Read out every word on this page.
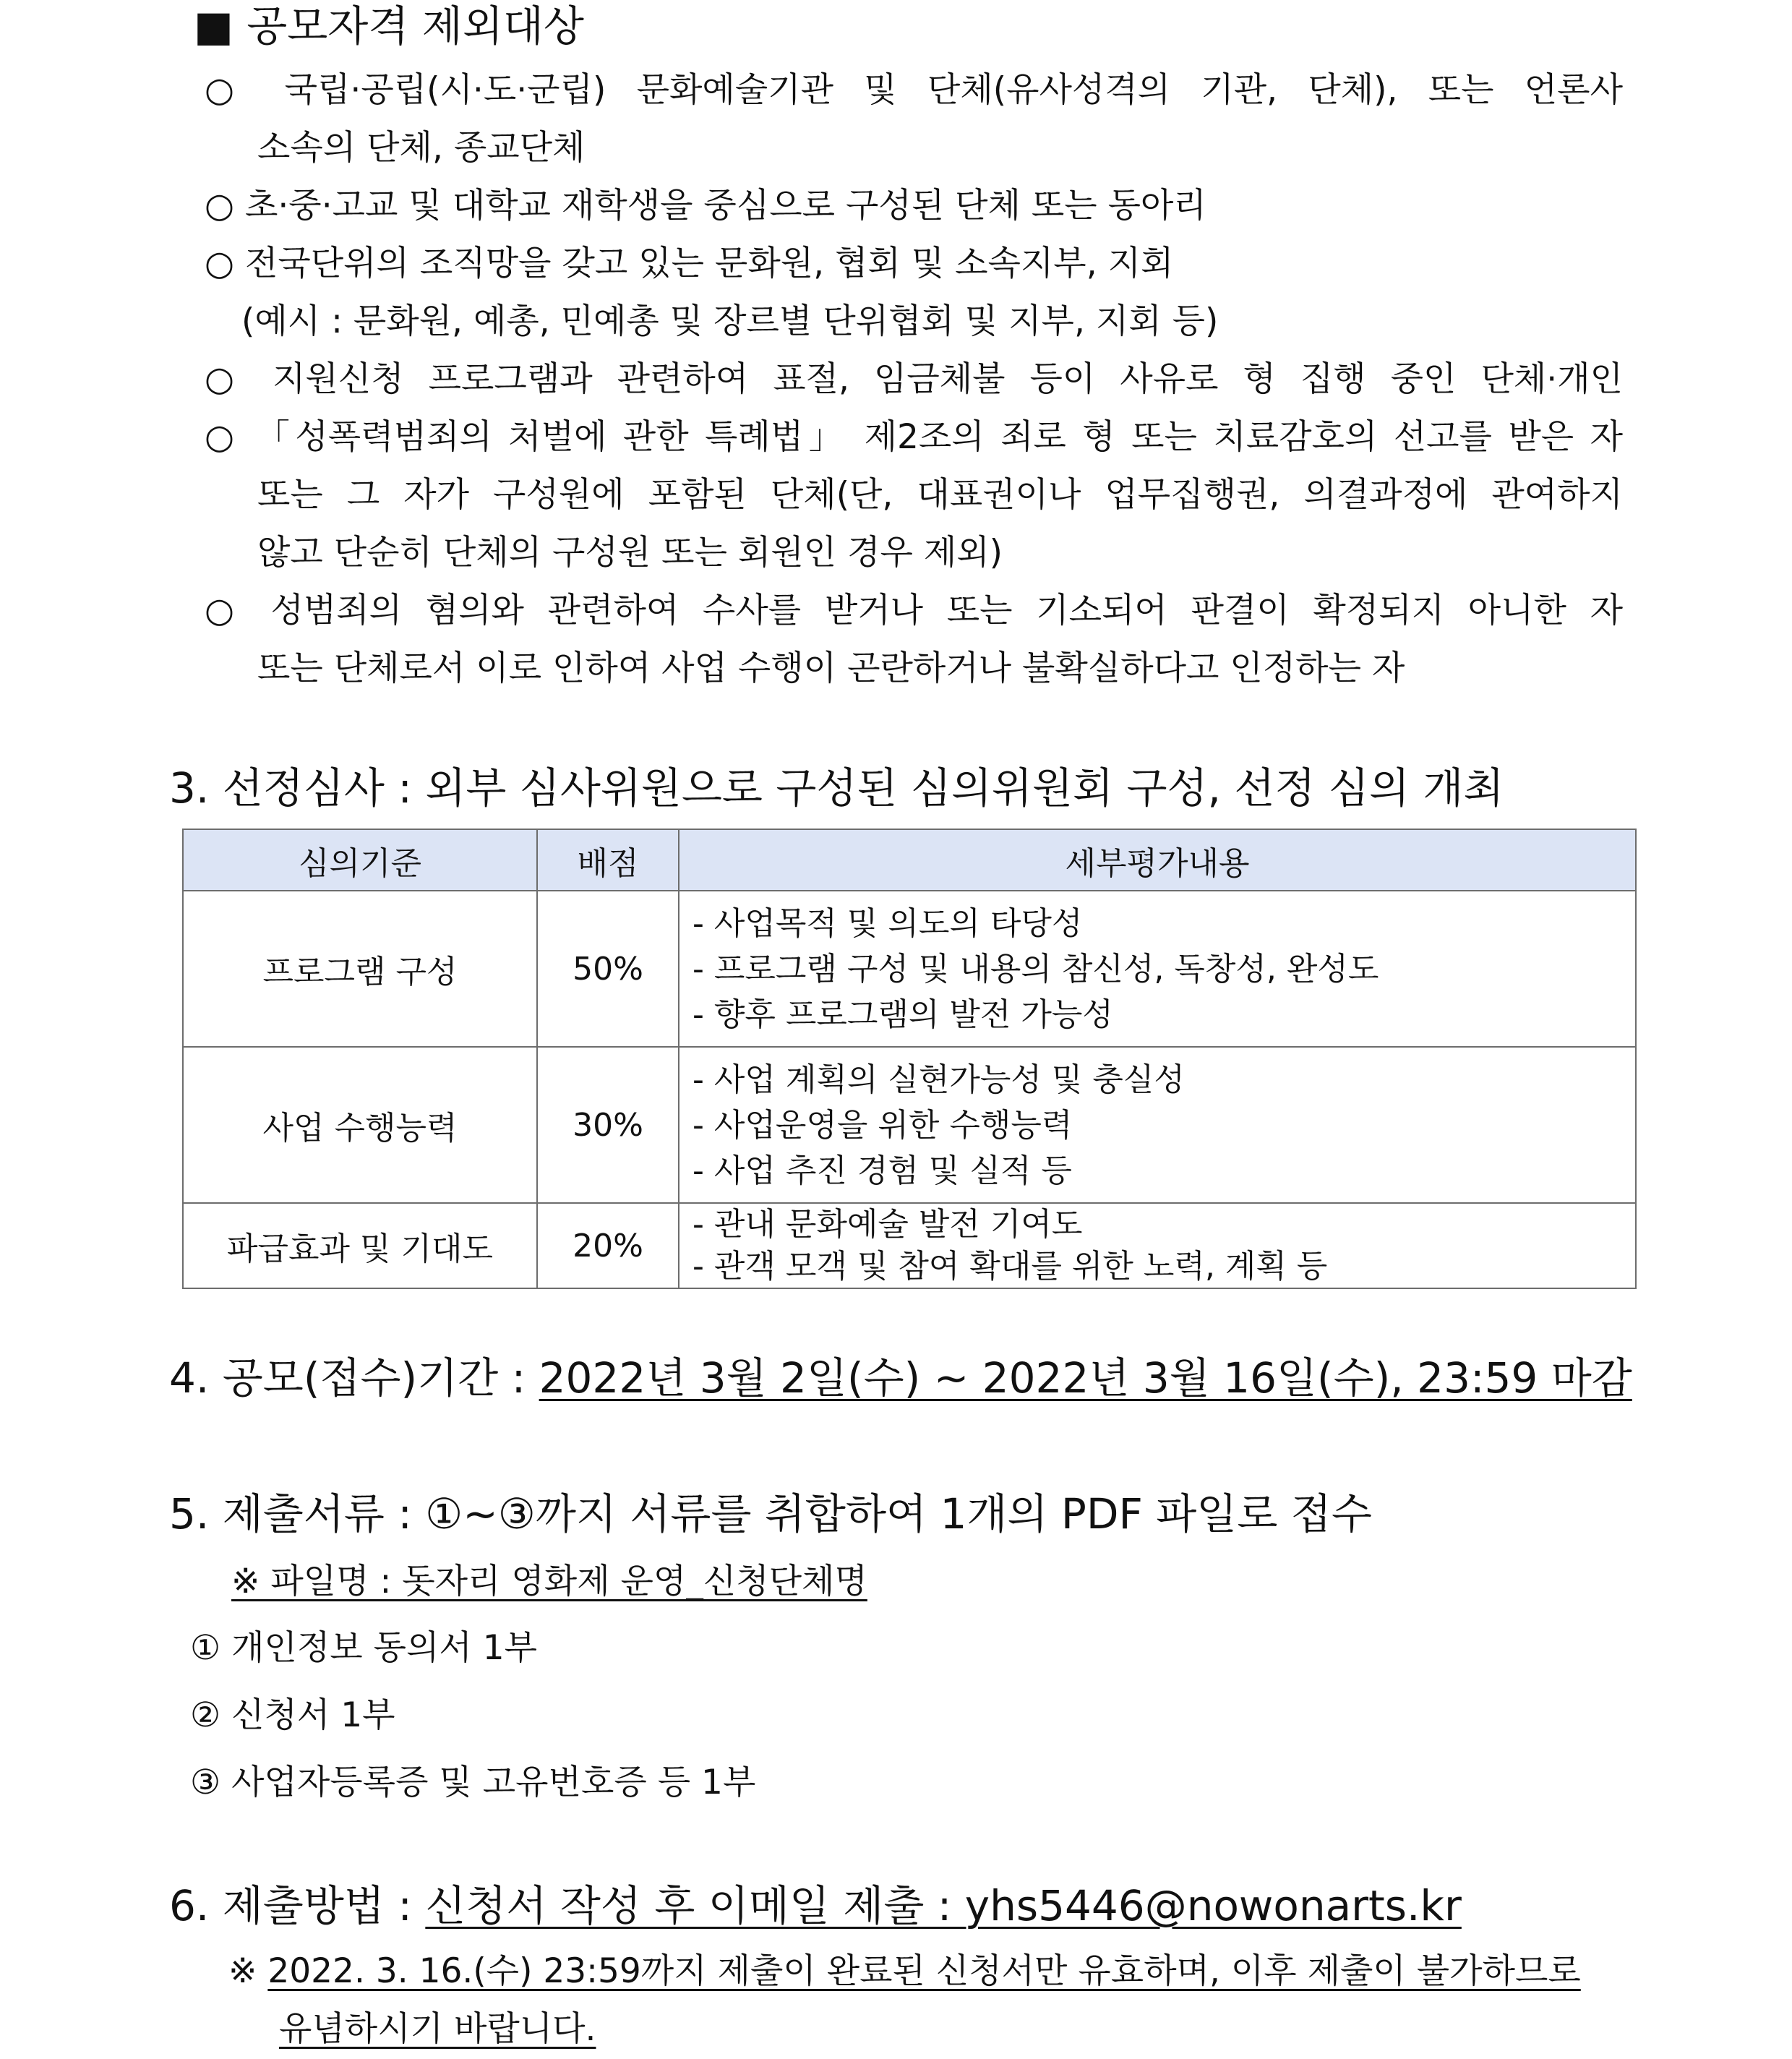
■ 공모자격 제외대상
○ 국립·공립(시·도·군립) 문화예술기관 및 단체(유사성격의 기관, 단체), 또는 언론사
소속의 단체, 종교단체
○ 초·중·고교 및 대학교 재학생을 중심으로 구성된 단체 또는 동아리
○ 전국단위의 조직망을 갖고 있는 문화원, 협회 및 소속지부, 지회
(예시 : 문화원, 예총, 민예총 및 장르별 단위협회 및 지부, 지회 등)
○ 지원신청 프로그램과 관련하여 표절, 임금체불 등이 사유로 형 집행 중인 단체·개인
○ 「성폭력범죄의 처벌에 관한 특례법」 제2조의 죄로 형 또는 치료감호의 선고를 받은 자
또는 그 자가 구성원에 포함된 단체(단, 대표권이나 업무집행권, 의결과정에 관여하지
않고 단순히 단체의 구성원 또는 회원인 경우 제외)
○ 성범죄의 혐의와 관련하여 수사를 받거나 또는 기소되어 판결이 확정되지 아니한 자
또는 단체로서 이로 인하여 사업 수행이 곤란하거나 불확실하다고 인정하는 자
3. 선정심사 : 외부 심사위원으로 구성된 심의위원회 구성, 선정 심의 개최
심의기준	배점	세부평가내용
프로그램 구성	50%	- 사업목적 및 의도의 타당성
- 프로그램 구성 및 내용의 참신성, 독창성, 완성도
- 향후 프로그램의 발전 가능성

사업 수행능력	30%	- 사업 계획의 실현가능성 및 충실성
- 사업운영을 위한 수행능력
- 사업 추진 경험 및 실적 등

파급효과 및 기대도	20%	- 관내 문화예술 발전 기여도
- 관객 모객 및 참여 확대를 위한 노력, 계획 등
4. 공모(접수)기간 : 2022년 3월 2일(수) ~ 2022년 3월 16일(수), 23:59 마감
5. 제출서류 : ①~③까지 서류를 취합하여 1개의 PDF 파일로 접수
※ 파일명 : 돗자리 영화제 운영_신청단체명
① 개인정보 동의서 1부
② 신청서 1부
③ 사업자등록증 및 고유번호증 등 1부
6. 제출방법 : 신청서 작성 후 이메일 제출 : yhs5446@nowonarts.kr
※ 2022. 3. 16.(수) 23:59까지 제출이 완료된 신청서만 유효하며, 이후 제출이 불가하므로
유념하시기 바랍니다.
